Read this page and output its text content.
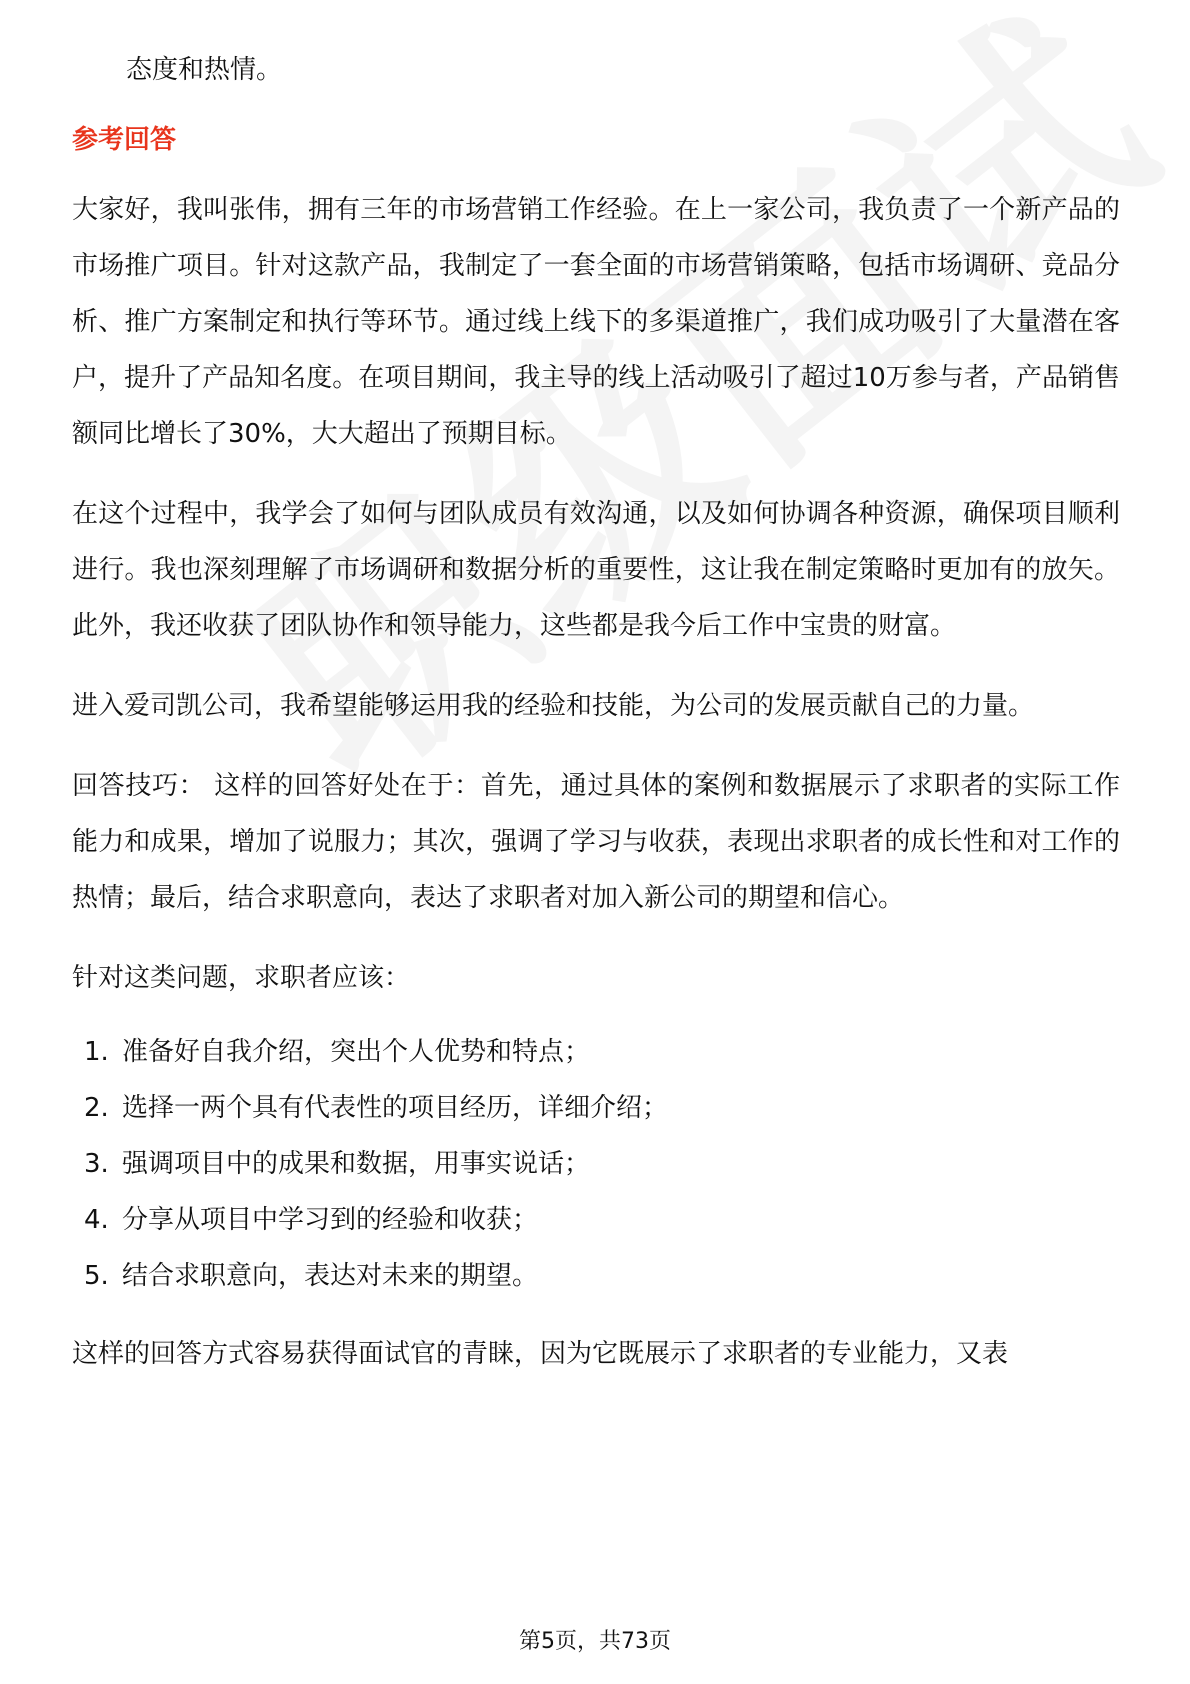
态度和热情。

参考回答

大家好，我叫张伟，拥有三年的市场营销工作经验。在上一家公司，我负责了一个新产品的市场推广项目。针对这款产品，我制定了一套全面的市场营销策略，包括市场调研、竞品分析、推广方案制定和执行等环节。通过线上线下的多渠道推广，我们成功吸引了大量潜在客户，提升了产品知名度。在项目期间，我主导的线上活动吸引了超过10万参与者，产品销售额同比增长了30%，大大超出了预期目标。

在这个过程中，我学会了如何与团队成员有效沟通，以及如何协调各种资源，确保项目顺利进行。我也深刻理解了市场调研和数据分析的重要性，这让我在制定策略时更加有的放矢。此外，我还收获了团队协作和领导能力，这些都是我今后工作中宝贵的财富。

进入爱司凯公司，我希望能够运用我的经验和技能，为公司的发展贡献自己的力量。

回答技巧： 这样的回答好处在于：首先，通过具体的案例和数据展示了求职者的实际工作能力和成果，增加了说服力；其次，强调了学习与收获，表现出求职者的成长性和对工作的热情；最后，结合求职意向，表达了求职者对加入新公司的期望和信心。

针对这类问题，求职者应该：

1. 准备好自我介绍，突出个人优势和特点；
2. 选择一两个具有代表性的项目经历，详细介绍；
3. 强调项目中的成果和数据，用事实说话；
4. 分享从项目中学习到的经验和收获；
5. 结合求职意向，表达对未来的期望。

这样的回答方式容易获得面试官的青睐，因为它既展示了求职者的专业能力，又表

第5页，共73页
